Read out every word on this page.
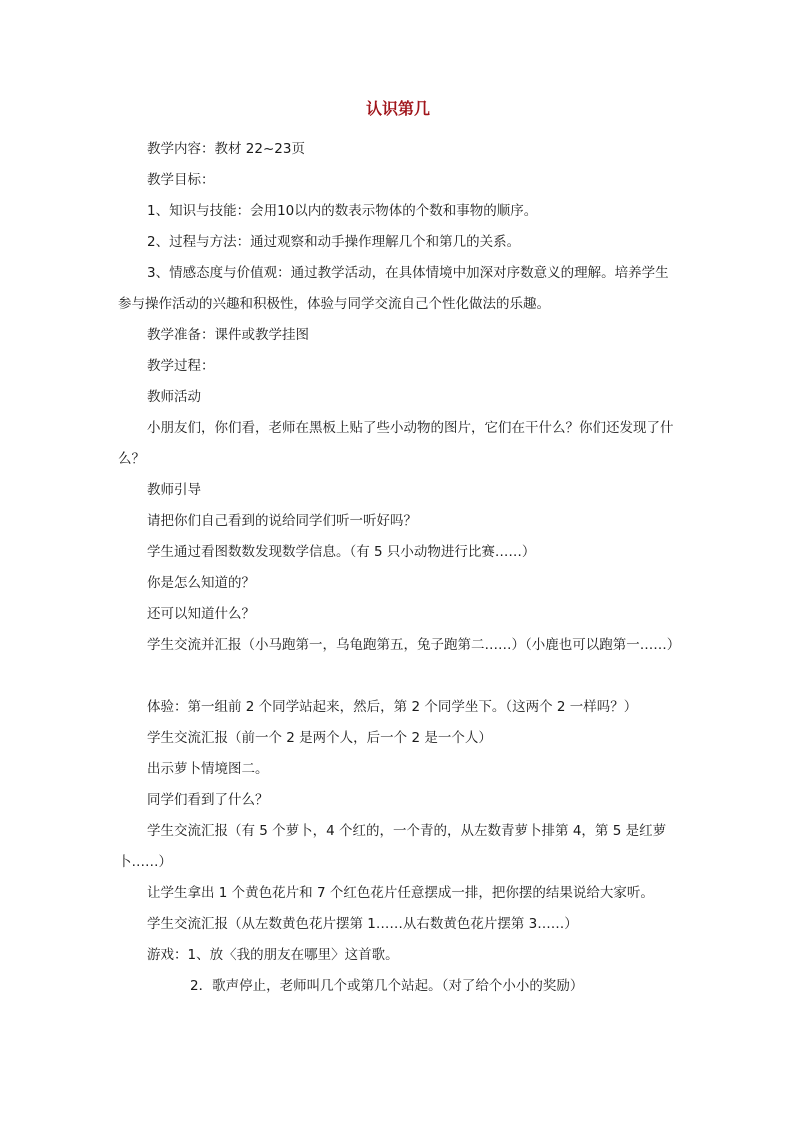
认识第几
教学内容：教材 22~23页
教学目标：
1、知识与技能：会用10以内的数表示物体的个数和事物的顺序。
2、过程与方法：通过观察和动手操作理解几个和第几的关系。
3、情感态度与价值观：通过教学活动，在具体情境中加深对序数意义的理解。培养学生参与操作活动的兴趣和积极性，体验与同学交流自己个性化做法的乐趣。
教学准备：课件或教学挂图
教学过程：
教师活动
小朋友们，你们看，老师在黑板上贴了些小动物的图片，它们在干什么？你们还发现了什么？
教师引导
请把你们自己看到的说给同学们听一听好吗？
学生通过看图数数发现数学信息。（有 5 只小动物进行比赛……）
你是怎么知道的？
还可以知道什么？
学生交流并汇报（小马跑第一，乌龟跑第五，兔子跑第二……）（小鹿也可以跑第一……）
体验：第一组前 2 个同学站起来，然后，第 2 个同学坐下。（这两个 2 一样吗？）
学生交流汇报（前一个 2 是两个人，后一个 2 是一个人）
出示萝卜情境图二。
同学们看到了什么？
学生交流汇报（有 5 个萝卜，4 个红的，一个青的，从左数青萝卜排第 4，第 5 是红萝卜……）
让学生拿出 1 个黄色花片和 7 个红色花片任意摆成一排，把你摆的结果说给大家听。
学生交流汇报（从左数黄色花片摆第 1……从右数黄色花片摆第 3……）
游戏：1、放〈我的朋友在哪里〉这首歌。
2．歌声停止，老师叫几个或第几个站起。（对了给个小小的奖励）
